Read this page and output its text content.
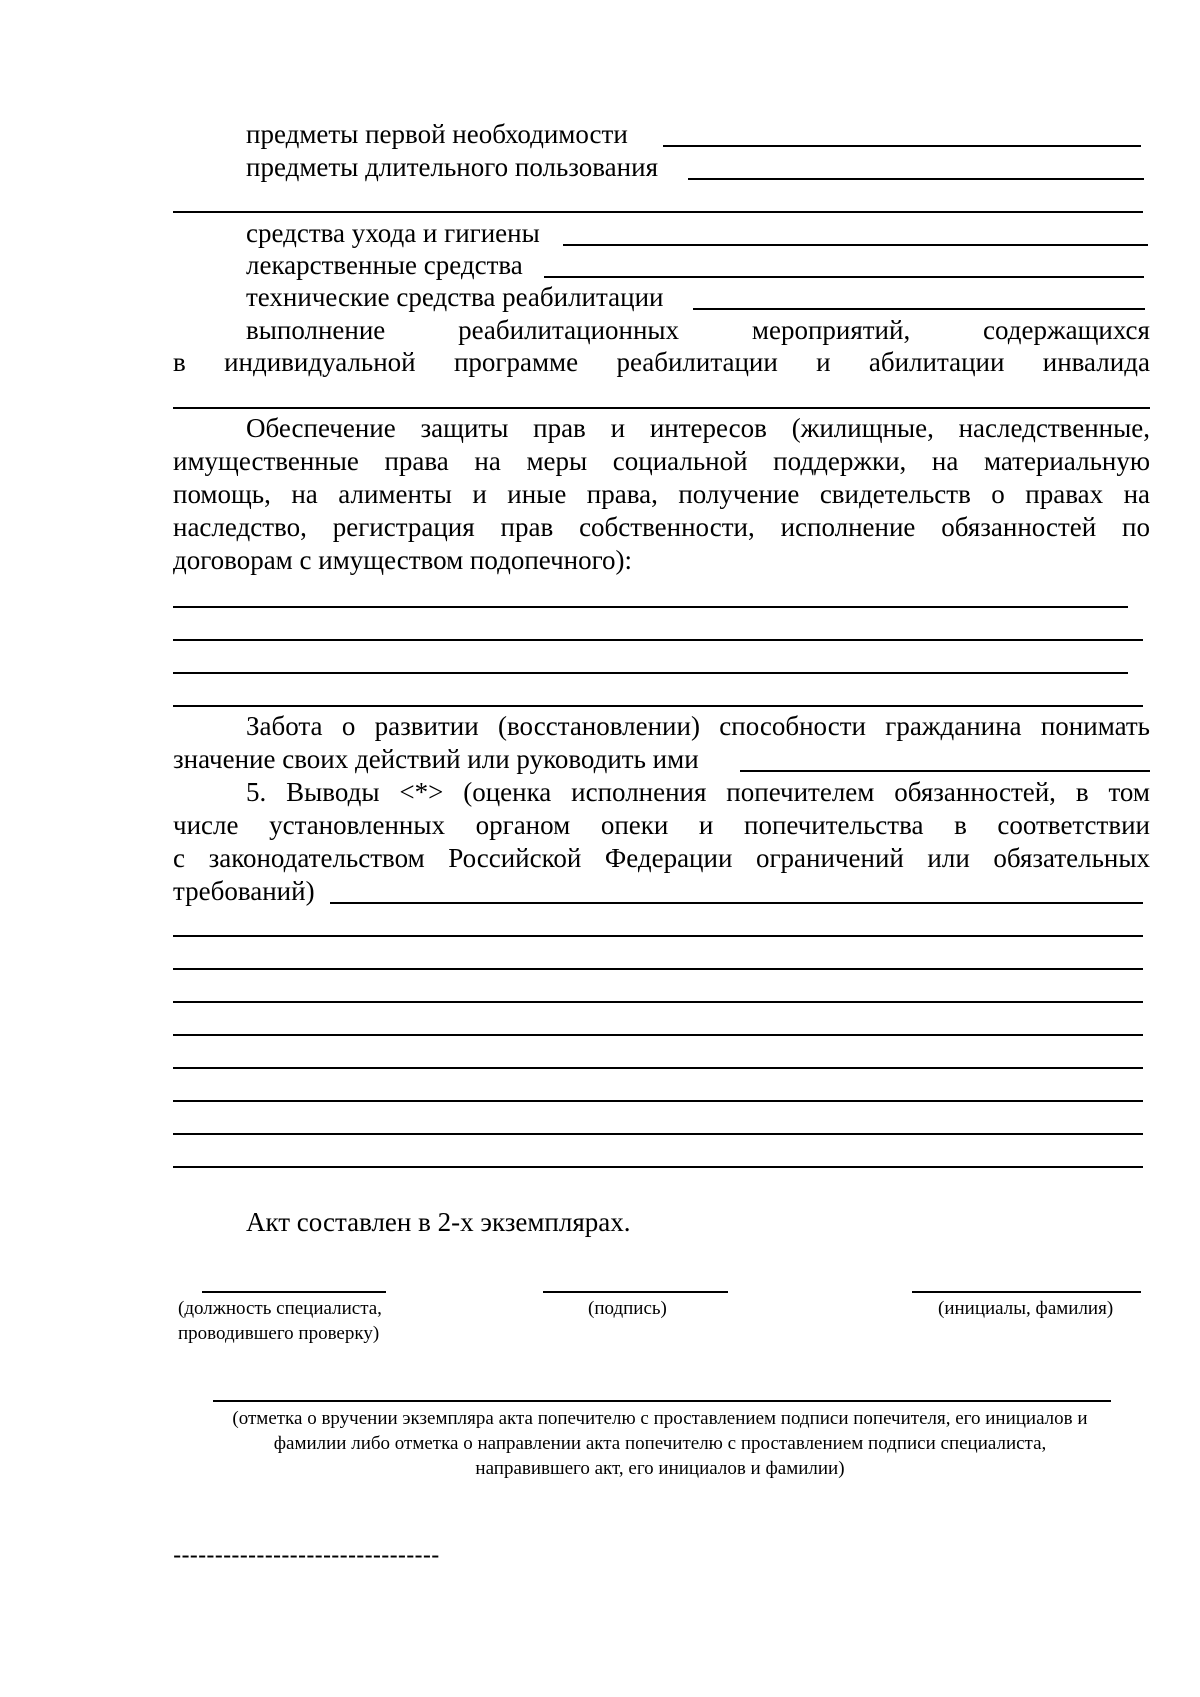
предметы первой необходимости
предметы длительного пользования
средства ухода и гигиены
лекарственные средства
технические средства реабилитации
выполнение	реабилитационных	мероприятий,	содержащихся
в индивидуальной программе реабилитации и абилитации инвалида
Обеспечение защиты прав и интересов (жилищные, наследственные,
имущественные права на меры социальной поддержки, на материальную
помощь, на алименты и иные права, получение свидетельств о правах на
наследство, регистрация прав собственности, исполнение обязанностей по
договорам с имуществом подопечного):
Забота о развитии (восстановлении) способности гражданина понимать
значение своих действий или руководить ими
5. Выводы <*> (оценка исполнения попечителем обязанностей, в том
числе установленных органом опеки и попечительства в соответствии
с законодательством Российской Федерации ограничений или обязательных
требований)
Акт составлен в 2-х экземплярах.
(должность специалиста,
проводившего проверку)
(подпись)	(инициалы, фамилия)
(отметка о вручении экземпляра акта попечителю с проставлением подписи попечителя, его инициалов и
фамилии либо отметка о направлении акта попечителю с проставлением подписи специалиста,
направившего акт, его инициалов и фамилии)
--------------------------------
